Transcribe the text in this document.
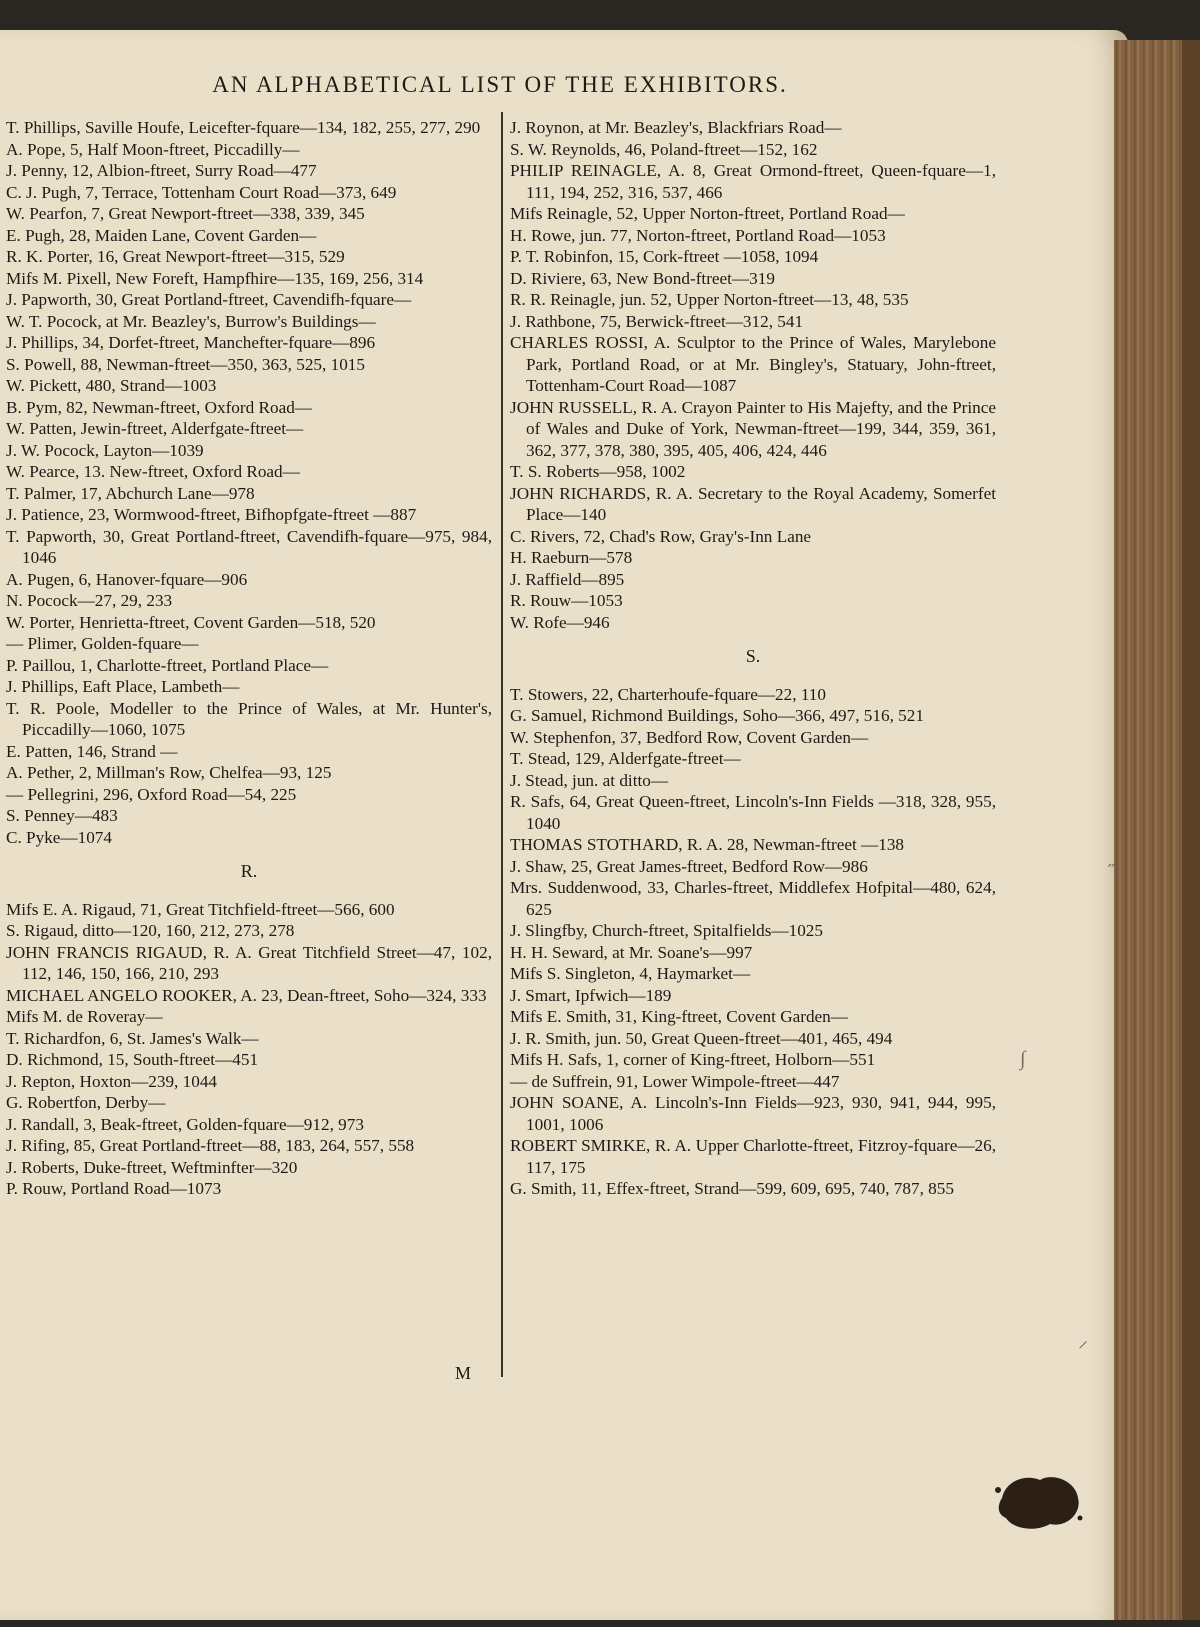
AN ALPHABETICAL LIST OF THE EXHIBITORS.
T. Phillips, Saville Houfe, Leicefter-fquare—134, 182, 255, 277, 290
A. Pope, 5, Half Moon-ftreet, Piccadilly—
J. Penny, 12, Albion-ftreet, Surry Road—477
C. J. Pugh, 7, Terrace, Tottenham Court Road—373, 649
W. Pearfon, 7, Great Newport-ftreet—338, 339, 345
E. Pugh, 28, Maiden Lane, Covent Garden—
R. K. Porter, 16, Great Newport-ftreet—315, 529
Mifs M. Pixell, New Foreft, Hampfhire—135, 169, 256, 314
J. Papworth, 30, Great Portland-ftreet, Cavendifh-fquare—
W. T. Pocock, at Mr. Beazley's, Burrow's Buildings—
J. Phillips, 34, Dorfet-ftreet, Manchefter-fquare—896
S. Powell, 88, Newman-ftreet—350, 363, 525, 1015
W. Pickett, 480, Strand—1003
B. Pym, 82, Newman-ftreet, Oxford Road—
W. Patten, Jewin-ftreet, Alderfgate-ftreet—
J. W. Pocock, Layton—1039
W. Pearce, 13. New-ftreet, Oxford Road—
T. Palmer, 17, Abchurch Lane—978
J. Patience, 23, Wormwood-ftreet, Bifhopfgate-ftreet —887
T. Papworth, 30, Great Portland-ftreet, Cavendifh-fquare—975, 984, 1046
A. Pugen, 6, Hanover-fquare—906
N. Pocock—27, 29, 233
W. Porter, Henrietta-ftreet, Covent Garden—518, 520
— Plimer, Golden-fquare—
P. Paillou, 1, Charlotte-ftreet, Portland Place—
J. Phillips, Eaft Place, Lambeth—
T. R. Poole, Modeller to the Prince of Wales, at Mr. Hunter's, Piccadilly—1060, 1075
E. Patten, 146, Strand —
A. Pether, 2, Millman's Row, Chelfea—93, 125
— Pellegrini, 296, Oxford Road—54, 225
S. Penney—483
C. Pyke—1074
R.
Mifs E. A. Rigaud, 71, Great Titchfield-ftreet—566, 600
S. Rigaud, ditto—120, 160, 212, 273, 278
JOHN FRANCIS RIGAUD, R. A. Great Titchfield Street—47, 102, 112, 146, 150, 166, 210, 293
MICHAEL ANGELO ROOKER, A. 23, Dean-ftreet, Soho—324, 333
Mifs M. de Roveray—
T. Richardfon, 6, St. James's Walk—
D. Richmond, 15, South-ftreet—451
J. Repton, Hoxton—239, 1044
G. Robertfon, Derby—
J. Randall, 3, Beak-ftreet, Golden-fquare—912, 973
J. Rifing, 85, Great Portland-ftreet—88, 183, 264, 557, 558
J. Roberts, Duke-ftreet, Weftminfter—320
P. Rouw, Portland Road—1073
J. Roynon, at Mr. Beazley's, Blackfriars Road—
S. W. Reynolds, 46, Poland-ftreet—152, 162
PHILIP REINAGLE, A. 8, Great Ormond-ftreet, Queen-fquare—1, 111, 194, 252, 316, 537, 466
Mifs Reinagle, 52, Upper Norton-ftreet, Portland Road—
H. Rowe, jun. 77, Norton-ftreet, Portland Road—1053
P. T. Robinfon, 15, Cork-ftreet —1058, 1094
D. Riviere, 63, New Bond-ftreet—319
R. R. Reinagle, jun. 52, Upper Norton-ftreet—13, 48, 535
J. Rathbone, 75, Berwick-ftreet—312, 541
CHARLES ROSSI, A. Sculptor to the Prince of Wales, Marylebone Park, Portland Road, or at Mr. Bingley's, Statuary, John-ftreet, Tottenham-Court Road—1087
JOHN RUSSELL, R. A. Crayon Painter to His Majefty, and the Prince of Wales and Duke of York, Newman-ftreet—199, 344, 359, 361, 362, 377, 378, 380, 395, 405, 406, 424, 446
T. S. Roberts—958, 1002
JOHN RICHARDS, R. A. Secretary to the Royal Academy, Somerfet Place—140
C. Rivers, 72, Chad's Row, Gray's-Inn Lane
H. Raeburn—578
J. Raffield—895
R. Rouw—1053
W. Rofe—946
S.
T. Stowers, 22, Charterhoufe-fquare—22, 110
G. Samuel, Richmond Buildings, Soho—366, 497, 516, 521
W. Stephenfon, 37, Bedford Row, Covent Garden—
T. Stead, 129, Alderfgate-ftreet—
J. Stead, jun. at ditto—
R. Safs, 64, Great Queen-ftreet, Lincoln's-Inn Fields —318, 328, 955, 1040
THOMAS STOTHARD, R. A. 28, Newman-ftreet —138
J. Shaw, 25, Great James-ftreet, Bedford Row—986
Mrs. Suddenwood, 33, Charles-ftreet, Middlefex Hofpital—480, 624, 625
J. Slingfby, Church-ftreet, Spitalfields—1025
H. H. Seward, at Mr. Soane's—997
Mifs S. Singleton, 4, Haymarket—
J. Smart, Ipfwich—189
Mifs E. Smith, 31, King-ftreet, Covent Garden—
J. R. Smith, jun. 50, Great Queen-ftreet—401, 465, 494
Mifs H. Safs, 1, corner of King-ftreet, Holborn—551
— de Suffrein, 91, Lower Wimpole-ftreet—447
JOHN SOANE, A. Lincoln's-Inn Fields—923, 930, 941, 944, 995, 1001, 1006
ROBERT SMIRKE, R. A. Upper Charlotte-ftreet, Fitzroy-fquare—26, 117, 175
G. Smith, 11, Effex-ftreet, Strand—599, 609, 695, 740, 787, 855
M
˶
∫
⸝
